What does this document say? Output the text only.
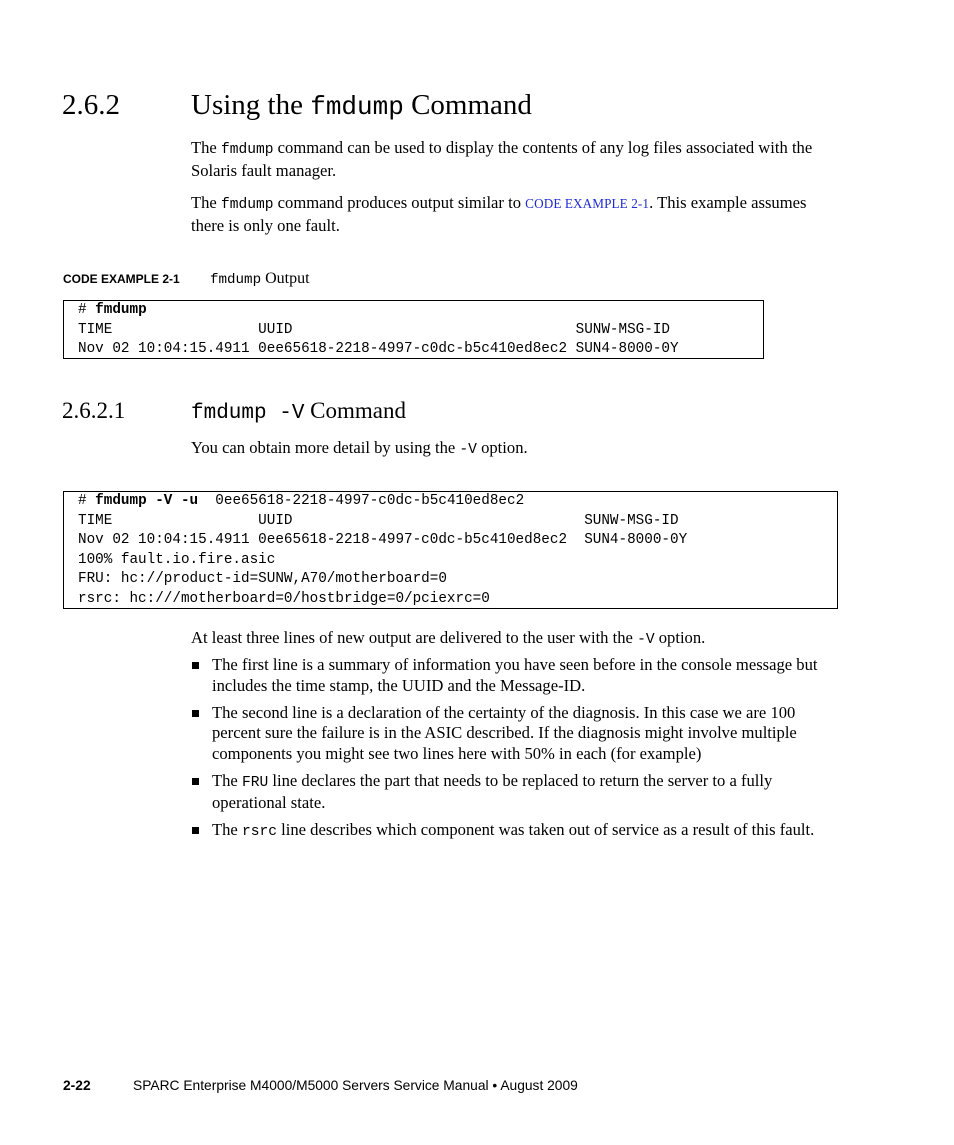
2.6.2 Using the fmdump Command
The fmdump command can be used to display the contents of any log files associated with the Solaris fault manager.
The fmdump command produces output similar to CODE EXAMPLE 2-1. This example assumes there is only one fault.
CODE EXAMPLE 2-1 fmdump Output
# fmdump
TIME                 UUID                                 SUNW-MSG-ID
Nov 02 10:04:15.4911 0ee65618-2218-4997-c0dc-b5c410ed8ec2 SUN4-8000-0Y
2.6.2.1	fmdump -V Command
You can obtain more detail by using the -V option.
# fmdump -V -u  0ee65618-2218-4997-c0dc-b5c410ed8ec2
TIME                 UUID                                  SUNW-MSG-ID
Nov 02 10:04:15.4911 0ee65618-2218-4997-c0dc-b5c410ed8ec2  SUN4-8000-0Y
100% fault.io.fire.asic
FRU: hc://product-id=SUNW,A70/motherboard=0
rsrc: hc:///motherboard=0/hostbridge=0/pciexrc=0
At least three lines of new output are delivered to the user with the -V option.
The first line is a summary of information you have seen before in the console message but includes the time stamp, the UUID and the Message-ID.
The second line is a declaration of the certainty of the diagnosis. In this case we are 100 percent sure the failure is in the ASIC described. If the diagnosis might involve multiple components you might see two lines here with 50% in each (for example)
The FRU line declares the part that needs to be replaced to return the server to a fully operational state.
The rsrc line describes which component was taken out of service as a result of this fault.
2-22	SPARC Enterprise M4000/M5000 Servers Service Manual • August 2009
